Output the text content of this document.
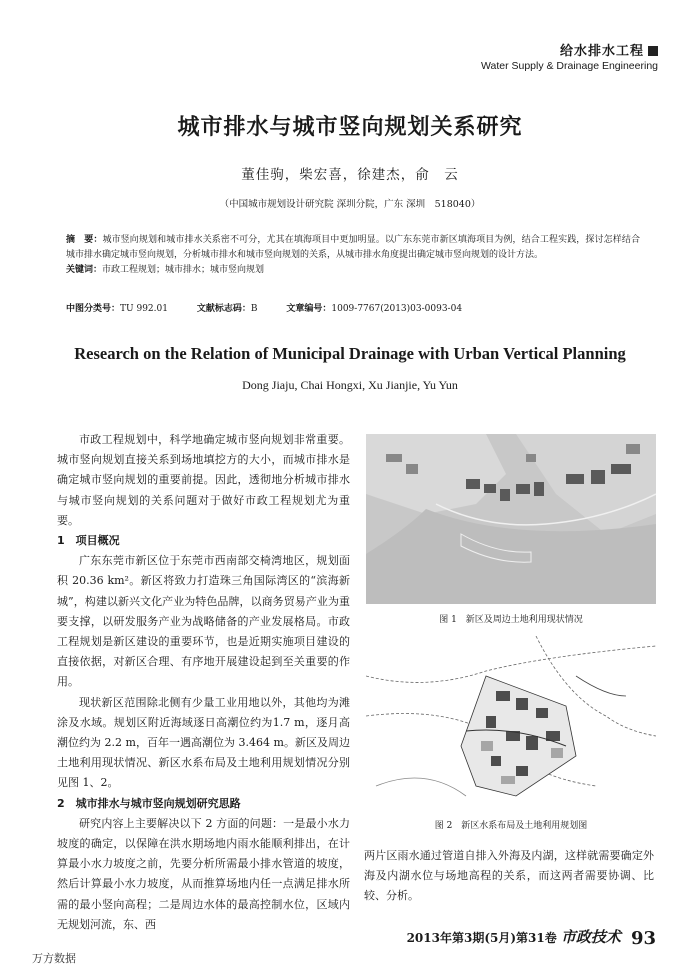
给水排水工程
Water Supply & Drainage Engineering
城市排水与城市竖向规划关系研究
董佳驹，柴宏喜，徐建杰，俞　云
（中国城市规划设计研究院 深圳分院，广东 深圳　518040）
摘　要：城市竖向规划和城市排水关系密不可分，尤其在填海项目中更加明显。以广东东莞市新区填海项目为例，结合工程实践，探讨怎样结合城市排水确定城市竖向规划，分析城市排水和城市竖向规划的关系，从城市排水角度提出确定城市竖向规划的设计方法。
关键词：市政工程规划；城市排水；城市竖向规划
中图分类号：TU 992.01	文献标志码：B	文章编号：1009-7767(2013)03-0093-04
Research on the Relation of Municipal Drainage with Urban Vertical Planning
Dong Jiaju, Chai Hongxi, Xu Jianjie, Yu Yun

市政工程规划中，科学地确定城市竖向规划非常重要。城市竖向规划直接关系到场地填挖方的大小，而城市排水是确定城市竖向规划的重要前提。因此，透彻地分析城市排水与城市竖向规划的关系问题对于做好市政工程规划尤为重要。

1　项目概况

广东东莞市新区位于东莞市西南部交椅湾地区，规划面积 20.36 km²。新区将致力打造珠三角国际湾区的“滨海新城”，构建以新兴文化产业为特色品牌，以商务贸易产业为重要支撑，以研发服务产业为战略储备的产业发展格局。市政工程规划是新区建设的重要环节，也是近期实施项目建设的直接依据，对新区合理、有序地开展建设起到至关重要的作用。

现状新区范围除北侧有少量工业用地以外，其他均为滩涂及水域。规划区附近海域逐日高潮位约为1.7 m，逐月高潮位约为 2.2 m，百年一遇高潮位为 3.464 m。新区及周边土地利用现状情况、新区水系布局及土地利用规划情况分别见图 1、2。

2　城市排水与城市竖向规划研究思路

研究内容上主要解决以下 2 方面的问题：一是最小水力坡度的确定，以保障在洪水期场地内雨水能顺利排出，在计算最小水力坡度之前，先要分析所需最小排水管道的坡度，然后计算最小水力坡度，从而推算场地内任一点满足排水所需的最小竖向高程；二是周边水体的最高控制水位，区域内无规划河流，东、西

图 1　新区及周边土地利用现状情况
图 2　新区水系布局及土地利用规划图
两片区雨水通过管道自排入外海及内湖，这样就需要确定外海及内湖水位与场地高程的关系，而这两者需要协调、比较、分析。
2013年第3期(5月)第31卷 市政技术 93
万方数据
